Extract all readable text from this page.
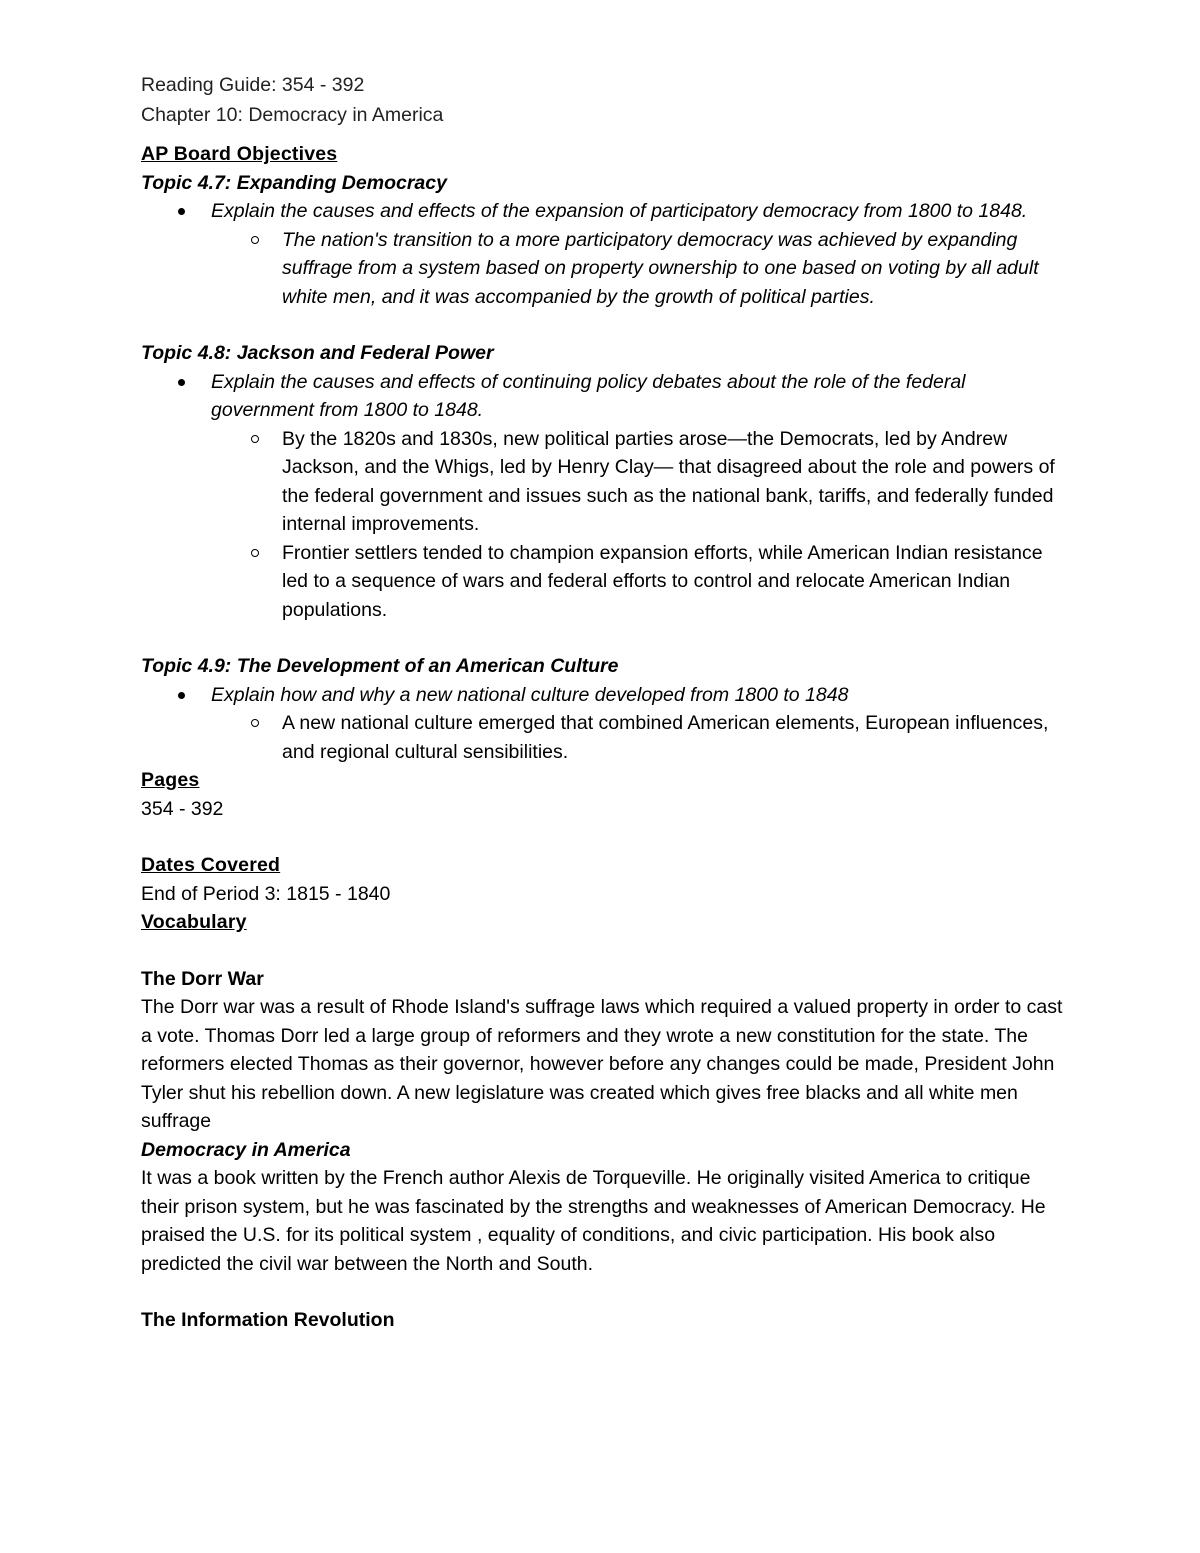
Reading Guide: 354 - 392
Chapter 10: Democracy in America
AP Board Objectives
Topic 4.7: Expanding Democracy
Explain the causes and effects of the expansion of participatory democracy from 1800 to 1848.
The nation's transition to a more participatory democracy was achieved by expanding suffrage from a system based on property ownership to one based on voting by all adult white men, and it was accompanied by the growth of political parties.
Topic 4.8: Jackson and Federal Power
Explain the causes and effects of continuing policy debates about the role of the federal government from 1800 to 1848.
By the 1820s and 1830s, new political parties arose—the Democrats, led by Andrew Jackson, and the Whigs, led by Henry Clay— that disagreed about the role and powers of the federal government and issues such as the national bank, tariffs, and federally funded internal improvements.
Frontier settlers tended to champion expansion efforts, while American Indian resistance led to a sequence of wars and federal efforts to control and relocate American Indian populations.
Topic 4.9: The Development of an American Culture
Explain how and why a new national culture developed from 1800 to 1848
A new national culture emerged that combined American elements, European influences, and regional cultural sensibilities.
Pages
354 - 392
Dates Covered
End of Period 3: 1815 - 1840
Vocabulary
The Dorr War
The Dorr war was a result of Rhode Island's suffrage laws which required a valued property in order to cast a vote. Thomas Dorr led a large group of reformers and they wrote a new constitution for the state. The reformers elected Thomas as their governor, however before any changes could be made, President John Tyler shut his rebellion down. A new legislature was created which gives free blacks and all white men suffrage
Democracy in America
It was a book written by the French author Alexis de Torqueville. He originally visited America to critique their prison system, but he was fascinated by the strengths and weaknesses of American Democracy. He praised the U.S. for its political system , equality of conditions, and civic participation. His book also predicted the civil war between the North and South.
The Information Revolution
